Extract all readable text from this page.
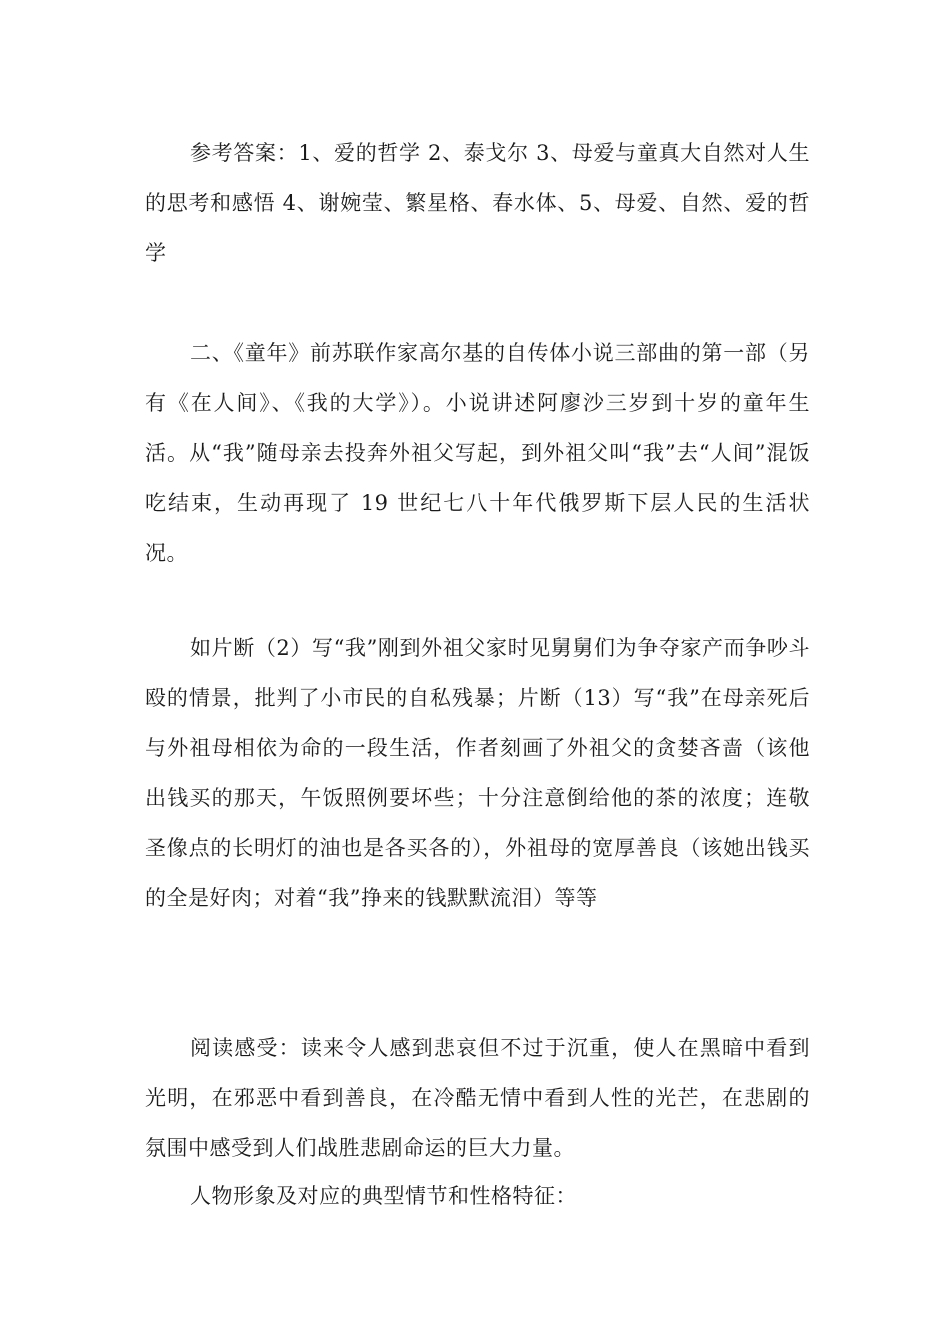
参考答案：1、爱的哲学 2、泰戈尔 3、母爱与童真大自然对人生的思考和感悟 4、谢婉莹、繁星格、春水体、5、母爱、自然、爱的哲学

二、《童年》前苏联作家高尔基的自传体小说三部曲的第一部（另有《在人间》、《我的大学》）。小说讲述阿廖沙三岁到十岁的童年生活。从“我”随母亲去投奔外祖父写起，到外祖父叫“我”去“人间”混饭吃结束，生动再现了 19 世纪七八十年代俄罗斯下层人民的生活状况。

如片断（2）写“我”刚到外祖父家时见舅舅们为争夺家产而争吵斗殴的情景，批判了小市民的自私残暴；片断（13）写“我”在母亲死后与外祖母相依为命的一段生活，作者刻画了外祖父的贪婪吝啬（该他出钱买的那天，午饭照例要坏些；十分注意倒给他的茶的浓度；连敬圣像点的长明灯的油也是各买各的），外祖母的宽厚善良（该她出钱买的全是好肉；对着“我”挣来的钱默默流泪）等等

阅读感受：读来令人感到悲哀但不过于沉重，使人在黑暗中看到光明，在邪恶中看到善良，在冷酷无情中看到人性的光芒，在悲剧的氛围中感受到人们战胜悲剧命运的巨大力量。

人物形象及对应的典型情节和性格特征：
